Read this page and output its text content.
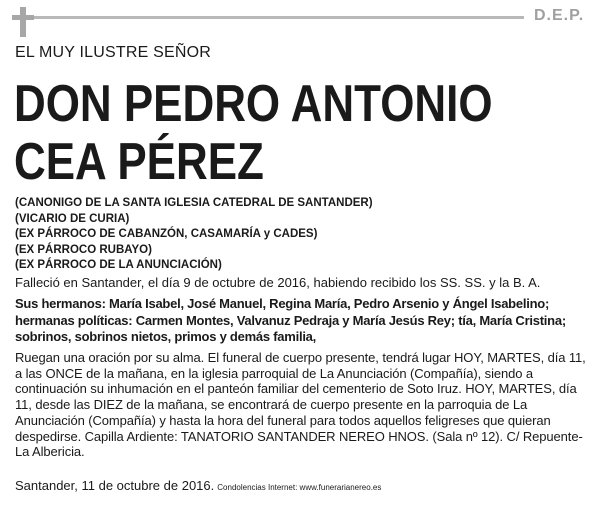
D.E.P.
EL MUY ILUSTRE SEÑOR
DON PEDRO ANTONIO
CEA PÉREZ
(CANONIGO DE LA SANTA IGLESIA CATEDRAL DE SANTANDER)
(VICARIO DE CURIA)
(EX PÁRROCO DE CABANZÓN, CASAMARÍA y CADES)
(EX PÁRROCO RUBAYO)
(EX PÁRROCO DE LA ANUNCIACIÓN)
Falleció en Santander, el día 9 de octubre de 2016, habiendo recibido los SS. SS. y la B. A.
Sus hermanos: María Isabel, José Manuel, Regina María, Pedro Arsenio y Ángel Isabelino; hermanas políticas: Carmen Montes, Valvanuz Pedraja y María Jesús Rey; tía, María Cristina; sobrinos, sobrinos nietos, primos y demás familia,
Ruegan una oración por su alma. El funeral de cuerpo presente, tendrá lugar HOY, MARTES, día 11, a las ONCE de la mañana, en la iglesia parroquial de La Anunciación (Compañía), siendo a continuación su inhumación en el panteón familiar del cementerio de Soto Iruz. HOY, MARTES, día 11, desde las DIEZ de la mañana, se encontrará de cuerpo presente en la parroquia de La Anunciación (Compañía) y hasta la hora del funeral para todos aquellos feligreses que quieran despedirse. Capilla Ardiente: TANATORIO SANTANDER NEREO HNOS. (Sala nº 12). C/ Repuente-La Albericia.
Santander, 11 de octubre de 2016. Condolencias Internet: www.funerarianereo.es
